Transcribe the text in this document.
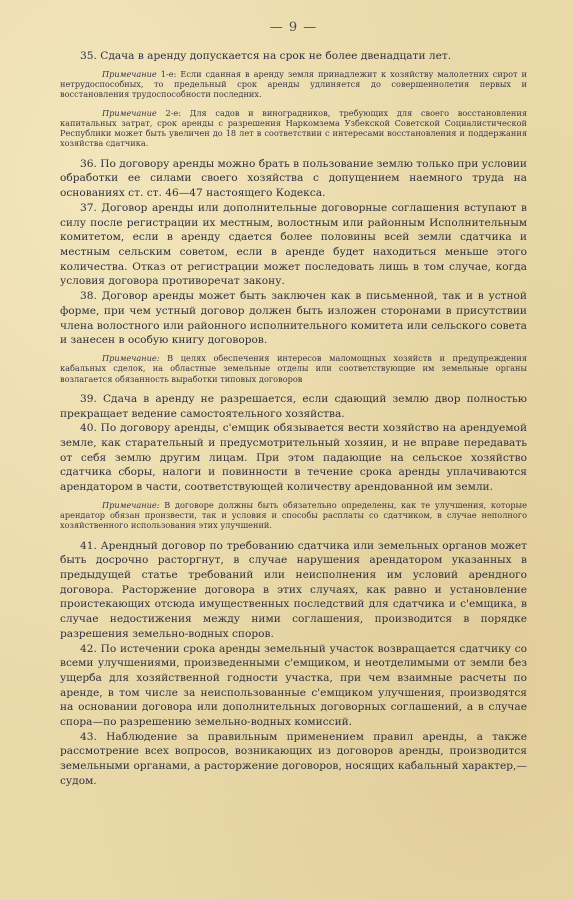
— 9 —

35. Сдача в аренду допускается на срок не более двенадцати лет.

Примечание 1-е: Если сданная в аренду земля принадлежит к хозяйству малолетних сирот и нетрудоспособных, то предельный срок аренды удлиняется до совершеннолетия первых и восстановления трудоспособности последних.

Примечание 2-е: Для садов и виноградников, требующих для своего восстановления капитальных затрат, срок аренды с разрешения Наркомзема Узбекской Советской Социалистической Республики может быть увеличен до 18 лет в соответствии с интересами восстановления и поддержания хозяйства сдатчика.

36. По договору аренды можно брать в пользование землю только при условии обработки ее силами своего хозяйства с допущением наемного труда на основаниях ст. ст. 46—47 настоящего Кодекса.

37. Договор аренды или дополнительные договорные соглашения вступают в силу после регистрации их местным, волостным или районным Исполнительным комитетом, если в аренду сдается более половины всей земли сдатчика и местным сельским советом, если в аренде будет находиться меньше этого количества. Отказ от регистрации может последовать лишь в том случае, когда условия договора противоречат закону.

38. Договор аренды может быть заключен как в письменной, так и в устной форме, при чем устный договор должен быть изложен сторонами в присутствии члена волостного или районного исполнительного комитета или сельского совета и занесен в особую книгу договоров.

Примечание: В целях обеспечения интересов маломощных хозяйств и предупреждения кабальных сделок, на областные земельные отделы или соответствующие им земельные органы возлагается обязанность выработки типовых договоров

39. Сдача в аренду не разрешается, если сдающий землю двор полностью прекращает ведение самостоятельного хозяйства.

40. По договору аренды, с'емщик обязывается вести хозяйство на арендуемой земле, как старательный и предусмотрительный хозяин, и не вправе передавать от себя землю другим лицам. При этом падающие на сельское хозяйство сдатчика сборы, налоги и повинности в течение срока аренды уплачиваются арендатором в части, соответствующей количеству арендованной им земли.

Примечание: В договоре должны быть обязательно определены, как те улучшения, которые арендатор обязан произвести, так и условия и способы расплаты со сдатчиком, в случае неполного хозяйственного использования этих улучшений.

41. Арендный договор по требованию сдатчика или земельных органов может быть досрочно расторгнут, в случае нарушения арендатором указанных в предыдущей статье требований или неисполнения им условий арендного договора. Расторжение договора в этих случаях, как равно и установление проистекающих отсюда имущественных последствий для сдатчика и с'емщика, в случае недостижения между ними соглашения, производится в порядке разрешения земельно-водных споров.

42. По истечении срока аренды земельный участок возвращается сдатчику со всеми улучшениями, произведенными с'емщиком, и неотделимыми от земли без ущерба для хозяйственной годности участка, при чем взаимные расчеты по аренде, в том числе за неиспользованные с'емщиком улучшения, производятся на основании договора или дополнительных договорных соглашений, а в случае спора—по разрешению земельно-водных комиссий.

43. Наблюдение за правильным применением правил аренды, а также рассмотрение всех вопросов, возникающих из договоров аренды, производится земельными органами, а расторжение договоров, носящих кабальный характер,—судом.
